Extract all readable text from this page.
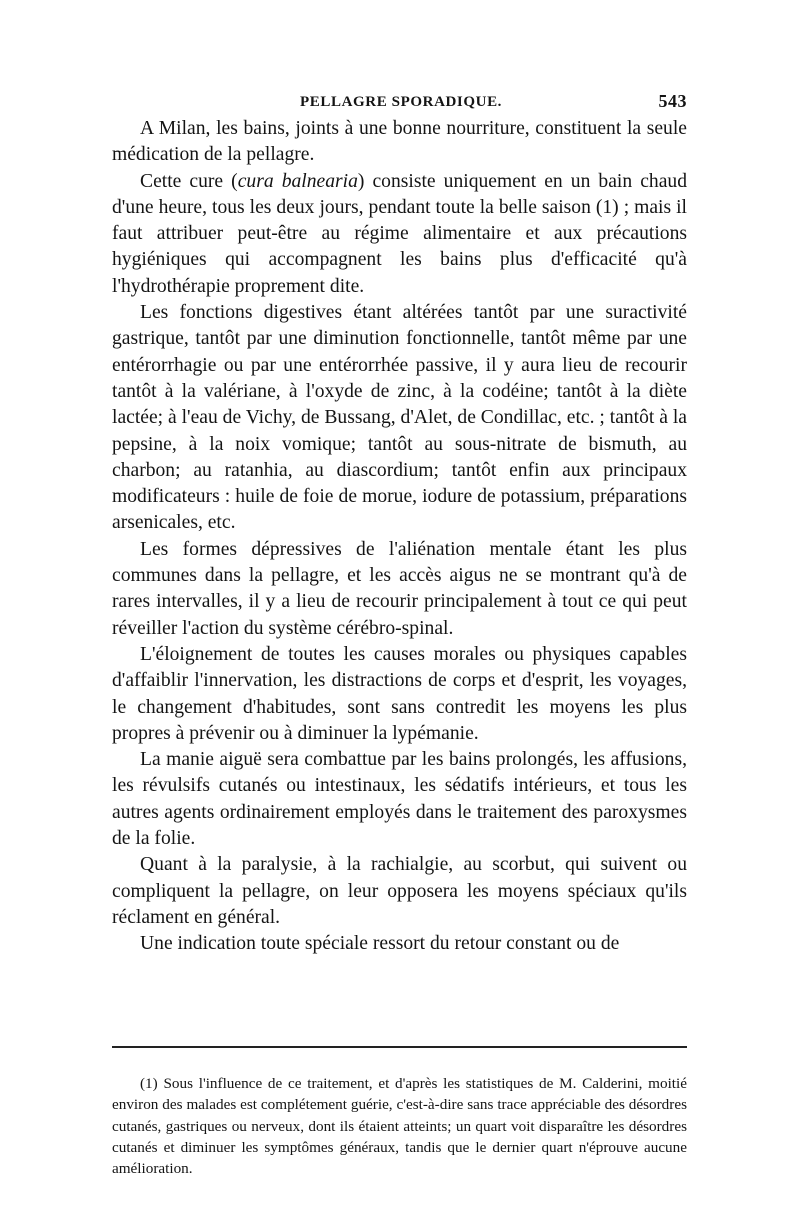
PELLAGRE SPORADIQUE.	543

A Milan, les bains, joints à une bonne nourriture, constituent la seule médication de la pellagre.

Cette cure (cura balnearia) consiste uniquement en un bain chaud d'une heure, tous les deux jours, pendant toute la belle saison (1) ; mais il faut attribuer peut-être au régime alimentaire et aux précautions hygiéniques qui accompagnent les bains plus d'efficacité qu'à l'hydrothérapie proprement dite.

Les fonctions digestives étant altérées tantôt par une suractivité gastrique, tantôt par une diminution fonctionnelle, tantôt même par une entérorrhagie ou par une entérorrhée passive, il y aura lieu de recourir tantôt à la valériane, à l'oxyde de zinc, à la codéine; tantôt à la diète lactée; à l'eau de Vichy, de Bussang, d'Alet, de Condillac, etc. ; tantôt à la pepsine, à la noix vomique; tantôt au sous-nitrate de bismuth, au charbon; au ratanhia, au diascordium; tantôt enfin aux principaux modificateurs : huile de foie de morue, iodure de potassium, préparations arsenicales, etc.

Les formes dépressives de l'aliénation mentale étant les plus communes dans la pellagre, et les accès aigus ne se montrant qu'à de rares intervalles, il y a lieu de recourir principalement à tout ce qui peut réveiller l'action du système cérébro-spinal.

L'éloignement de toutes les causes morales ou physiques capables d'affaiblir l'innervation, les distractions de corps et d'esprit, les voyages, le changement d'habitudes, sont sans contredit les moyens les plus propres à prévenir ou à diminuer la lypémanie.

La manie aiguë sera combattue par les bains prolongés, les affusions, les révulsifs cutanés ou intestinaux, les sédatifs intérieurs, et tous les autres agents ordinairement employés dans le traitement des paroxysmes de la folie.

Quant à la paralysie, à la rachialgie, au scorbut, qui suivent ou compliquent la pellagre, on leur opposera les moyens spéciaux qu'ils réclament en général.

Une indication toute spéciale ressort du retour constant ou de

(1) Sous l'influence de ce traitement, et d'après les statistiques de M. Calderini, moitié environ des malades est complétement guérie, c'est-à-dire sans trace appréciable des désordres cutanés, gastriques ou nerveux, dont ils étaient atteints; un quart voit disparaître les désordres cutanés et diminuer les symptômes généraux, tandis que le dernier quart n'éprouve aucune amélioration.
